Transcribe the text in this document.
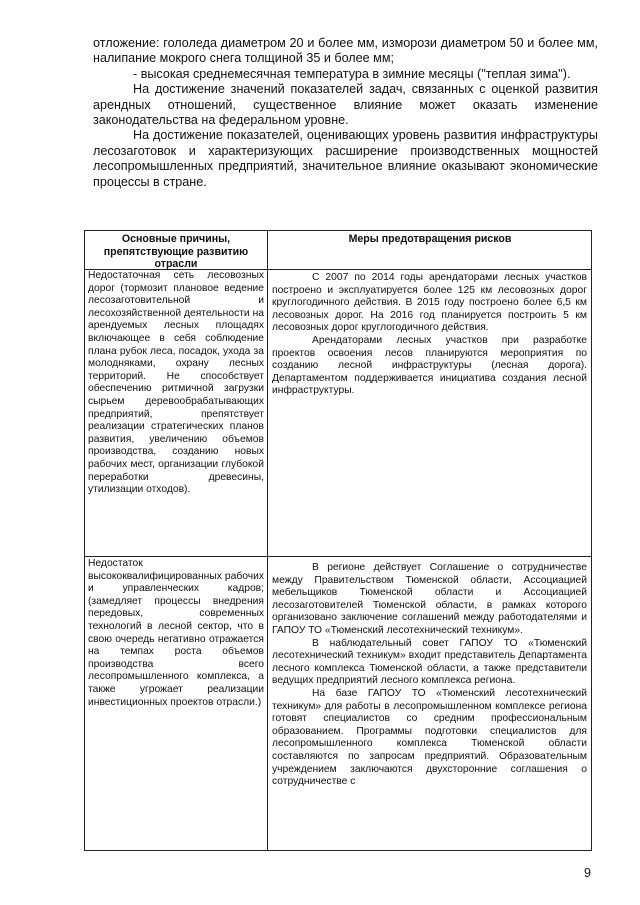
отложение: гололеда диаметром 20 и более мм, изморози диаметром 50 и более мм, налипание мокрого снега толщиной 35 и более мм;

- высокая среднемесячная температура в зимние месяцы ("теплая зима").

На достижение значений показателей задач, связанных с оценкой развития арендных отношений, существенное влияние может оказать изменение законодательства на федеральном уровне.

На достижение показателей, оценивающих уровень развития инфраструктуры лесозаготовок и характеризующих расширение производственных мощностей лесопромышленных предприятий, значительное влияние оказывают экономические процессы в стране.

Основные причины, препятствующие развитию отрасли
Меры предотвращения рисков
Недостаточная сеть лесовозных дорог (тормозит плановое ведение лесозаготовительной и лесохозяйственной деятельности на арендуемых лесных площадях включающее в себя соблюдение плана рубок леса, посадок, ухода за молодняками, охрану лесных территорий. Не способствует обеспечению ритмичной загрузки сырьем деревообрабатывающих предприятий, препятствует реализации стратегических планов развития, увеличению объемов производства, созданию новых рабочих мест, организации глубокой переработки древесины, утилизации отходов).

С 2007 по 2014 годы арендаторами лесных участков построено и эксплуатируется более 125 км лесовозных дорог круглогодичного действия. В 2015 году построено более 6,5 км лесовозных дорог. На 2016 год планируется построить 5 км лесовозных дорог круглогодичного действия.

Арендаторами лесных участков при разработке проектов освоения лесов планируются мероприятия по созданию лесной инфраструктуры (лесная дорога). Департаментом поддерживается инициатива создания лесной инфраструктуры.

Недостаток высококвалифицированных рабочих и управленческих кадров; (замедляет процессы внедрения передовых, современных технологий в лесной сектор, что в свою очередь негативно отражается на темпах роста объемов производства всего лесопромышленного комплекса, а также угрожает реализации инвестиционных проектов отрасли.)

В регионе действует Соглашение о сотрудничестве между Правительством Тюменской области, Ассоциацией мебельщиков Тюменской области и Ассоциацией лесозаготовителей Тюменской области, в рамках которого организовано заключение соглашений между работодателями и ГАПОУ ТО «Тюменский лесотехнический техникум».

В наблюдательный совет ГАПОУ ТО «Тюменский лесотехнический техникум» входит представитель Департамента лесного комплекса Тюменской области, а также представители ведущих предприятий лесного комплекса региона.

На базе ГАПОУ ТО «Тюменский лесотехнический техникум» для работы в лесопромышленном комплексе региона готовят специалистов со средним профессиональным образованием. Программы подготовки специалистов для лесопромышленного комплекса Тюменской области составляются по запросам предприятий. Образовательным учреждением заключаются двухсторонние соглашения о сотрудничестве с

9
